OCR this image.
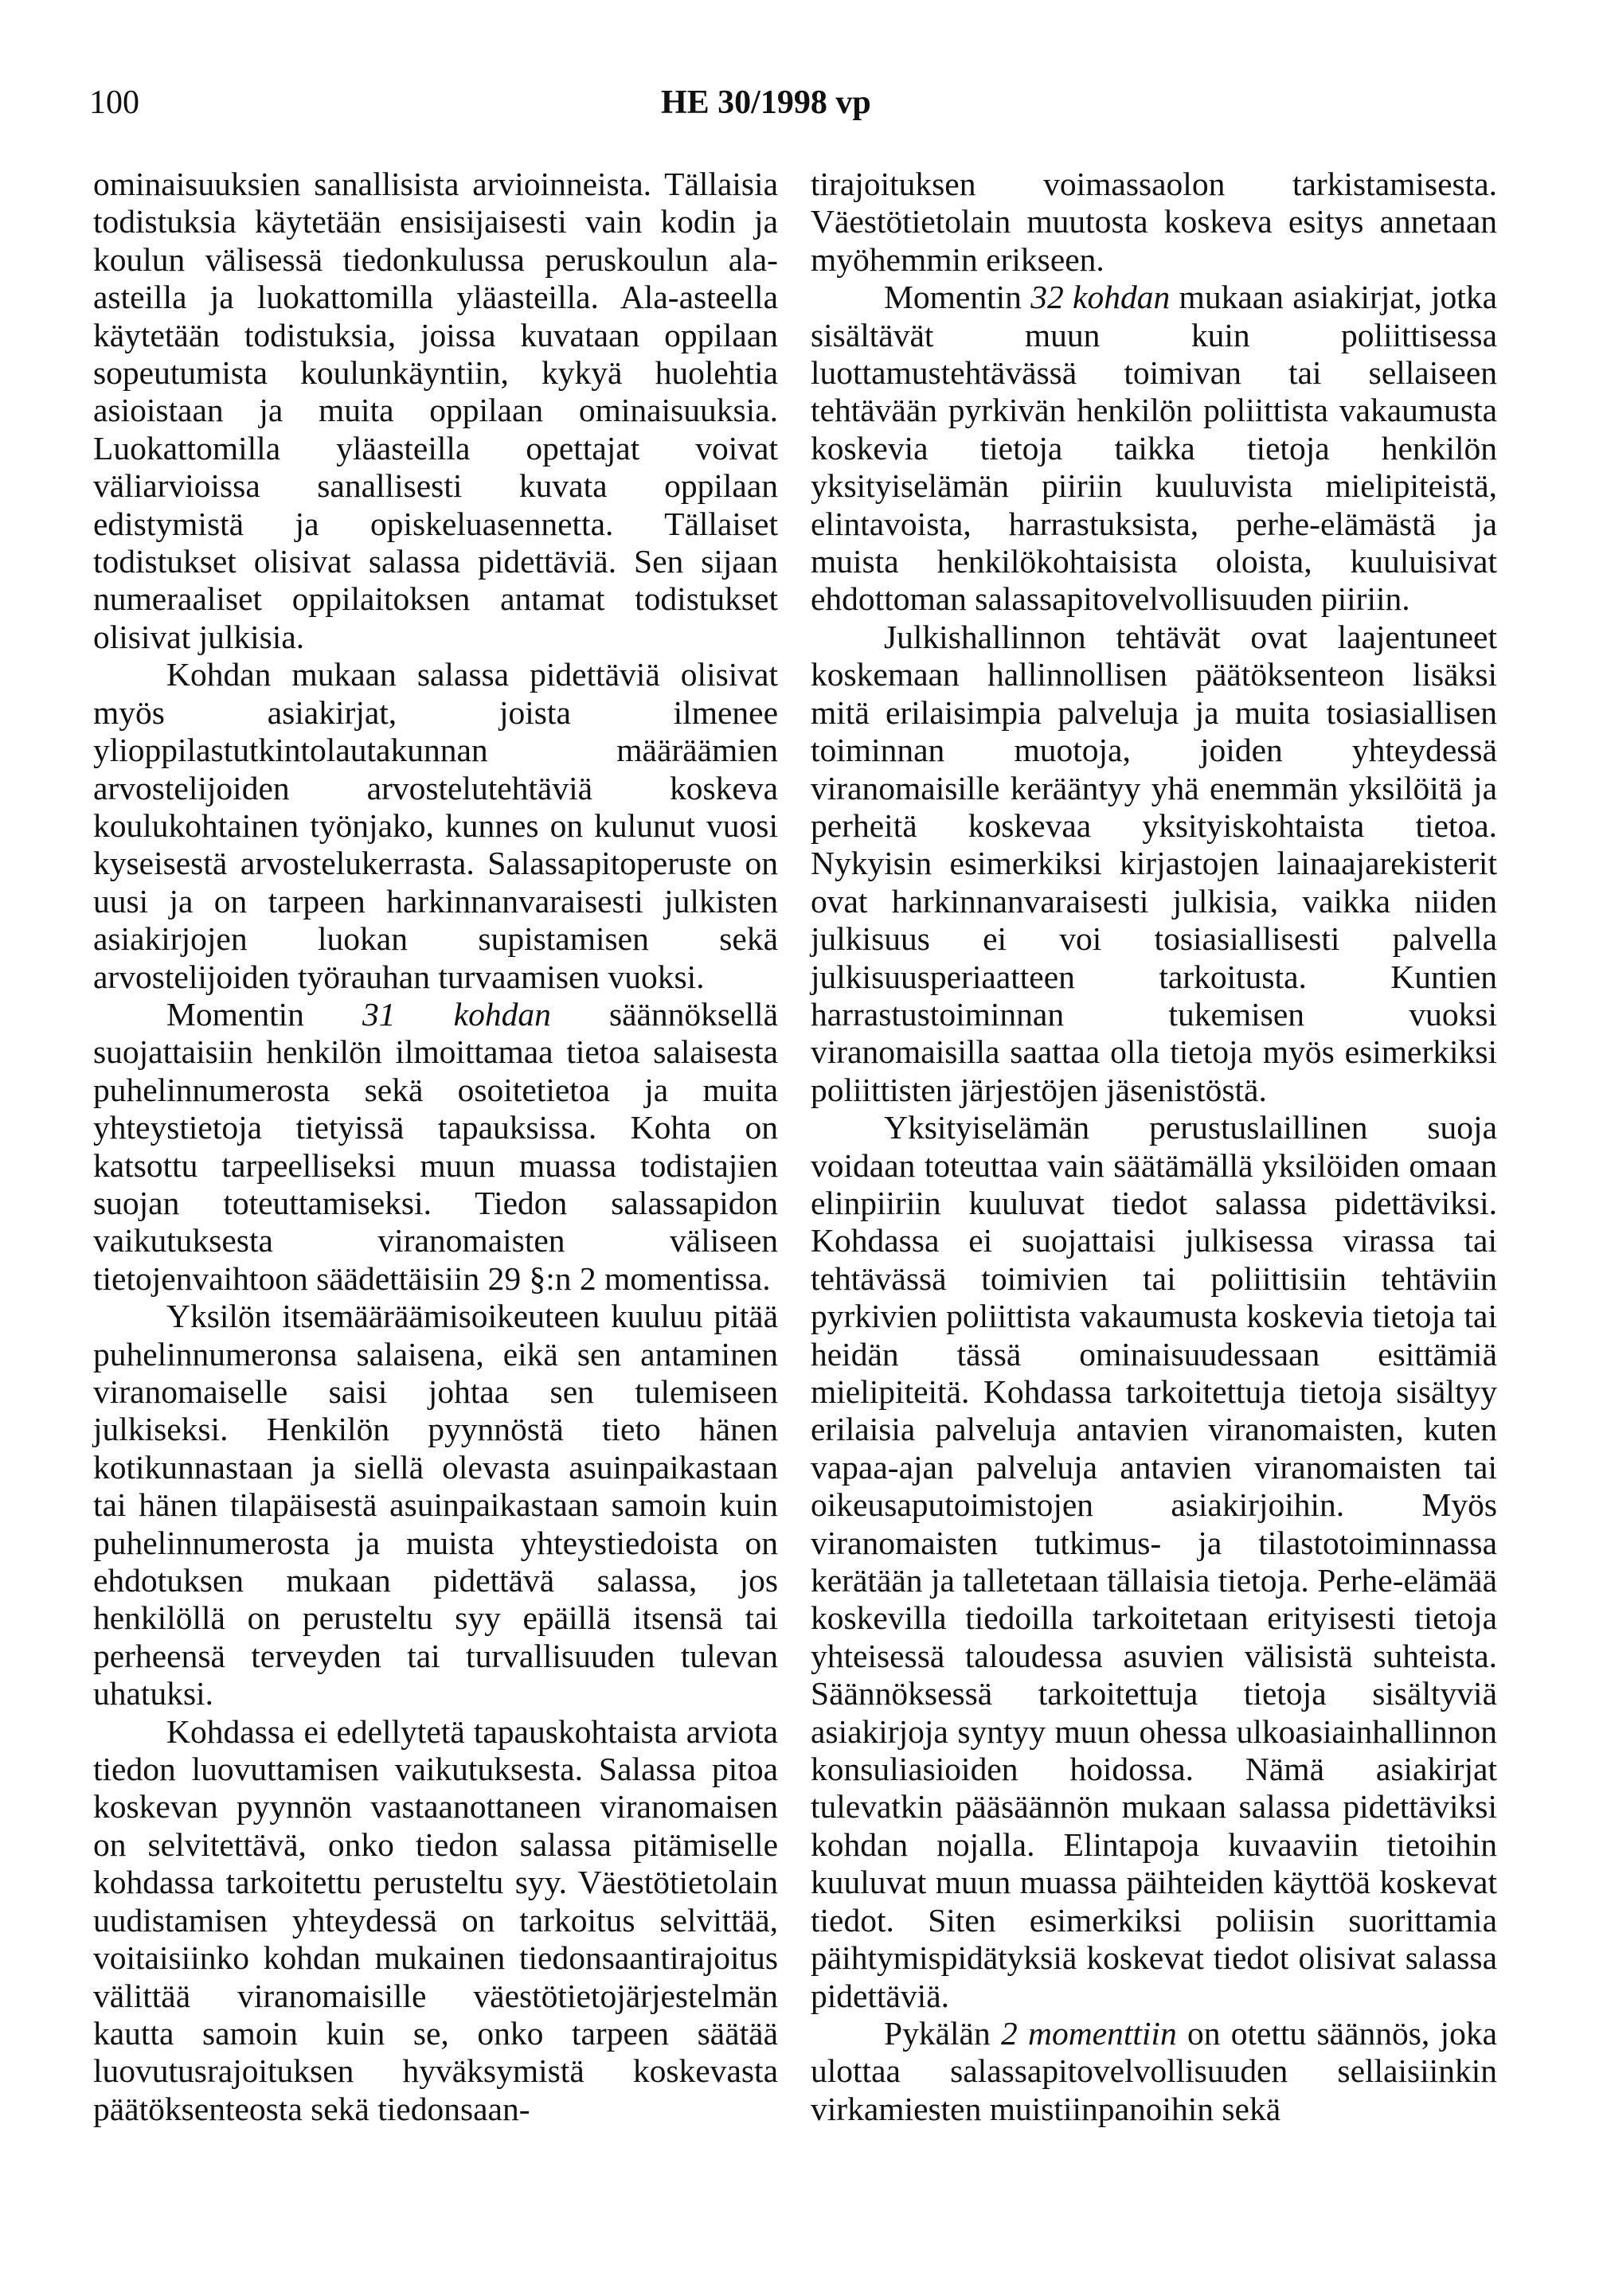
100	HE 30/1998 vp

ominaisuuksien sanallisista arvioinneista. Tällaisia todistuksia käytetään ensisijaisesti vain kodin ja koulun välisessä tiedonkulussa peruskoulun ala-asteilla ja luokattomilla yläasteilla. Ala-asteella käytetään todistuksia, joissa kuvataan oppilaan sopeutumista koulunkäyntiin, kykyä huolehtia asioistaan ja muita oppilaan ominaisuuksia. Luokattomilla yläasteilla opettajat voivat väliarvioissa sanallisesti kuvata oppilaan edistymistä ja opiskeluasennetta. Tällaiset todistukset olisivat salassa pidettäviä. Sen sijaan numeraaliset oppilaitoksen antamat todistukset olisivat julkisia.

Kohdan mukaan salassa pidettäviä olisivat myös asiakirjat, joista ilmenee ylioppilastutkintolautakunnan määräämien arvostelijoiden arvostelutehtäviä koskeva koulukohtainen työnjako, kunnes on kulunut vuosi kyseisestä arvostelukerrasta. Salassapitoperuste on uusi ja on tarpeen harkinnanvaraisesti julkisten asiakirjojen luokan supistamisen sekä arvostelijoiden työrauhan turvaamisen vuoksi.

Momentin 31 kohdan säännöksellä suojattaisiin henkilön ilmoittamaa tietoa salaisesta puhelinnumerosta sekä osoitetietoa ja muita yhteystietoja tietyissä tapauksissa. Kohta on katsottu tarpeelliseksi muun muassa todistajien suojan toteuttamiseksi. Tiedon salassapidon vaikutuksesta viranomaisten väliseen tietojenvaihtoon säädettäisiin 29 §:n 2 momentissa.

Yksilön itsemääräämisoikeuteen kuuluu pitää puhelinnumeronsa salaisena, eikä sen antaminen viranomaiselle saisi johtaa sen tulemiseen julkiseksi. Henkilön pyynnöstä tieto hänen kotikunnastaan ja siellä olevasta asuinpaikastaan tai hänen tilapäisestä asuinpaikastaan samoin kuin puhelinnumerosta ja muista yhteystiedoista on ehdotuksen mukaan pidettävä salassa, jos henkilöllä on perusteltu syy epäillä itsensä tai perheensä terveyden tai turvallisuuden tulevan uhatuksi.

Kohdassa ei edellytetä tapauskohtaista arviota tiedon luovuttamisen vaikutuksesta. Salassa pitoa koskevan pyynnön vastaanottaneen viranomaisen on selvitettävä, onko tiedon salassa pitämiselle kohdassa tarkoitettu perusteltu syy. Väestötietolain uudistamisen yhteydessä on tarkoitus selvittää, voitaisiinko kohdan mukainen tiedonsaantirajoitus välittää viranomaisille väestötietojärjestelmän kautta samoin kuin se, onko tarpeen säätää luovutusrajoituksen hyväksymistä koskevasta päätöksenteosta sekä tiedonsaan-

tirajoituksen voimassaolon tarkistamisesta. Väestötietolain muutosta koskeva esitys annetaan myöhemmin erikseen.

Momentin 32 kohdan mukaan asiakirjat, jotka sisältävät muun kuin poliittisessa luottamustehtävässä toimivan tai sellaiseen tehtävään pyrkivän henkilön poliittista vakaumusta koskevia tietoja taikka tietoja henkilön yksityiselämän piiriin kuuluvista mielipiteistä, elintavoista, harrastuksista, perhe-elämästä ja muista henkilökohtaisista oloista, kuuluisivat ehdottoman salassapitovelvollisuuden piiriin.

Julkishallinnon tehtävät ovat laajentuneet koskemaan hallinnollisen päätöksenteon lisäksi mitä erilaisimpia palveluja ja muita tosiasiallisen toiminnan muotoja, joiden yhteydessä viranomaisille kerääntyy yhä enemmän yksilöitä ja perheitä koskevaa yksityiskohtaista tietoa. Nykyisin esimerkiksi kirjastojen lainaajarekisterit ovat harkinnanvaraisesti julkisia, vaikka niiden julkisuus ei voi tosiasiallisesti palvella julkisuusperiaatteen tarkoitusta. Kuntien harrastustoiminnan tukemisen vuoksi viranomaisilla saattaa olla tietoja myös esimerkiksi poliittisten järjestöjen jäsenistöstä.

Yksityiselämän perustuslaillinen suoja voidaan toteuttaa vain säätämällä yksilöiden omaan elinpiiriin kuuluvat tiedot salassa pidettäviksi. Kohdassa ei suojattaisi julkisessa virassa tai tehtävässä toimivien tai poliittisiin tehtäviin pyrkivien poliittista vakaumusta koskevia tietoja tai heidän tässä ominaisuudessaan esittämiä mielipiteitä. Kohdassa tarkoitettuja tietoja sisältyy erilaisia palveluja antavien viranomaisten, kuten vapaa-ajan palveluja antavien viranomaisten tai oikeusaputoimistojen asiakirjoihin. Myös viranomaisten tutkimus- ja tilastotoiminnassa kerätään ja talletetaan tällaisia tietoja. Perhe-elämää koskevilla tiedoilla tarkoitetaan erityisesti tietoja yhteisessä taloudessa asuvien välisistä suhteista. Säännöksessä tarkoitettuja tietoja sisältyviä asiakirjoja syntyy muun ohessa ulkoasiainhallinnon konsuliasioiden hoidossa. Nämä asiakirjat tulevatkin pääsäännön mukaan salassa pidettäviksi kohdan nojalla. Elintapoja kuvaaviin tietoihin kuuluvat muun muassa päihteiden käyttöä koskevat tiedot. Siten esimerkiksi poliisin suorittamia päihtymispidätyksiä koskevat tiedot olisivat salassa pidettäviä.

Pykälän 2 momenttiin on otettu säännös, joka ulottaa salassapitovelvollisuuden sellaisiinkin virkamiesten muistiinpanoihin sekä
